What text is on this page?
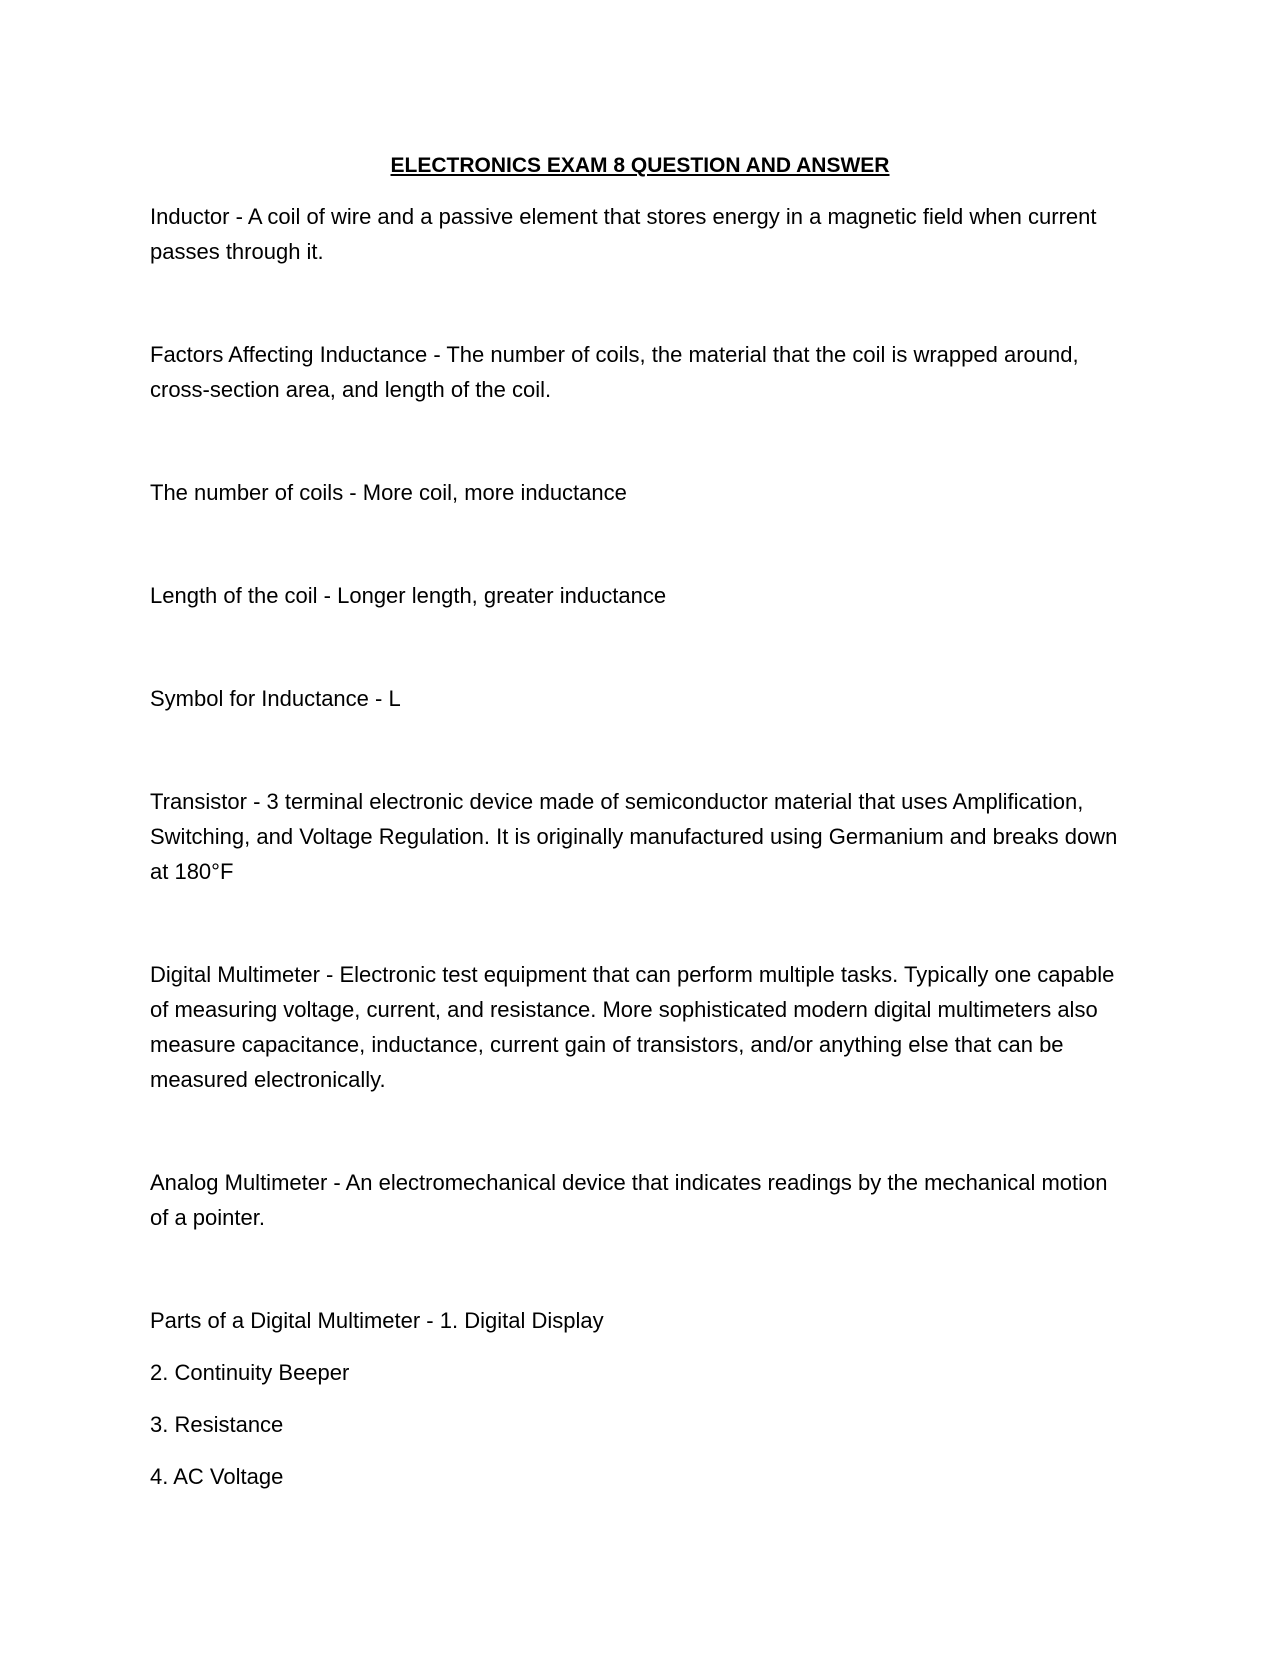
ELECTRONICS EXAM 8 QUESTION AND ANSWER

Inductor - A coil of wire and a passive element that stores energy in a magnetic field when current passes through it.

Factors Affecting Inductance - The number of coils, the material that the coil is wrapped around, cross-section area, and length of the coil.

The number of coils - More coil, more inductance

Length of the coil - Longer length, greater inductance

Symbol for Inductance - L

Transistor - 3 terminal electronic device made of semiconductor material that uses Amplification, Switching, and Voltage Regulation. It is originally manufactured using Germanium and breaks down at 180°F

Digital Multimeter - Electronic test equipment that can perform multiple tasks. Typically one capable of measuring voltage, current, and resistance. More sophisticated modern digital multimeters also measure capacitance, inductance, current gain of transistors, and/or anything else that can be measured electronically.

Analog Multimeter - An electromechanical device that indicates readings by the mechanical motion of a pointer.

Parts of a Digital Multimeter - 1. Digital Display

2. Continuity Beeper

3. Resistance

4. AC Voltage
